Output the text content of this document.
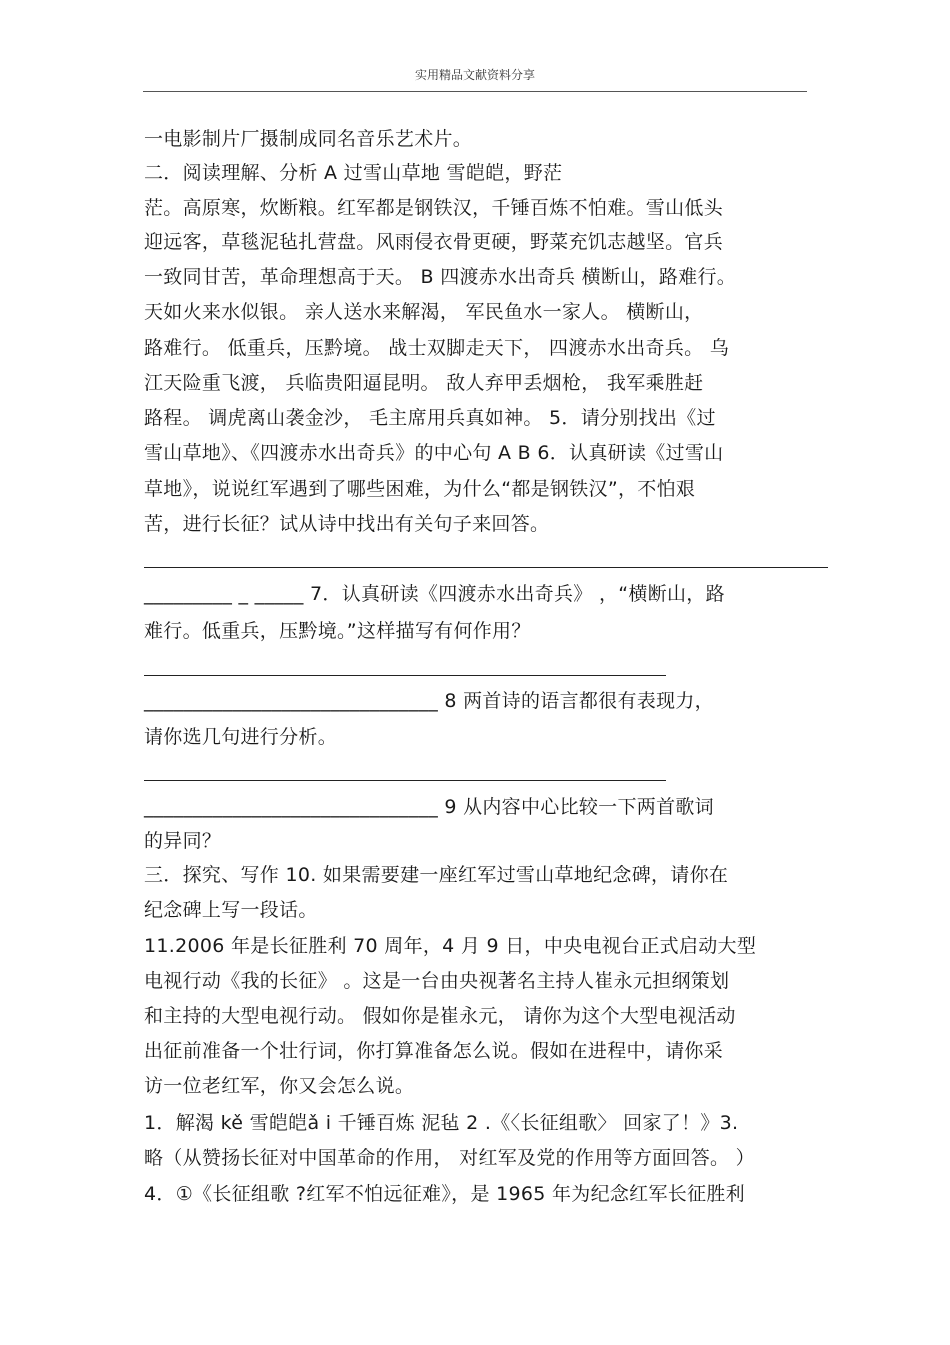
实用精品文献资料分享
一电影制片厂摄制成同名音乐艺术片。
二．阅读理解、分析 A 过雪山草地 雪皑皑，野茫
茫。高原寒，炊断粮。红军都是钢铁汉，千锤百炼不怕难。雪山低头
迎远客，草毯泥毡扎营盘。风雨侵衣骨更硬，野菜充饥志越坚。官兵
一致同甘苦，革命理想高于天。 B 四渡赤水出奇兵 横断山，路难行。
天如火来水似银。 亲人送水来解渴， 军民鱼水一家人。 横断山，
路难行。 低重兵，压黔境。 战士双脚走天下， 四渡赤水出奇兵。 乌
江天险重飞渡， 兵临贵阳逼昆明。 敌人弃甲丢烟枪， 我军乘胜赶
路程。 调虎离山袭金沙， 毛主席用兵真如神。 5．请分别找出《过
雪山草地》、《四渡赤水出奇兵》的中心句 A B 6．认真研读《过雪山
草地》，说说红军遇到了哪些困难，为什么“都是钢铁汉”，不怕艰
苦，进行长征？试从诗中找出有关句子来回答。
_________ _ _____ 7．认真研读《四渡赤水出奇兵》 ，“横断山，路
难行。低重兵，压黔境。”这样描写有何作用？
______________________________ 8 两首诗的语言都很有表现力，
请你选几句进行分析。
______________________________ 9 从内容中心比较一下两首歌词
的异同？
三．探究、写作 10. 如果需要建一座红军过雪山草地纪念碑，请你在
纪念碑上写一段话。
11.2006 年是长征胜利 70 周年，4 月 9 日，中央电视台正式启动大型
电视行动《我的长征》 。这是一台由央视著名主持人崔永元担纲策划
和主持的大型电视行动。 假如你是崔永元， 请你为这个大型电视活动
出征前准备一个壮行词，你打算准备怎么说。假如在进程中，请你采
访一位老红军，你又会怎么说。
1．解渴 kě 雪皑皑ǎ i 千锤百炼 泥毡 2 .《〈长征组歌〉 回家了！》3.
略（从赞扬长征对中国革命的作用， 对红军及党的作用等方面回答。 ）
4．①《长征组歌 ?红军不怕远征难》，是 1965 年为纪念红军长征胜利
